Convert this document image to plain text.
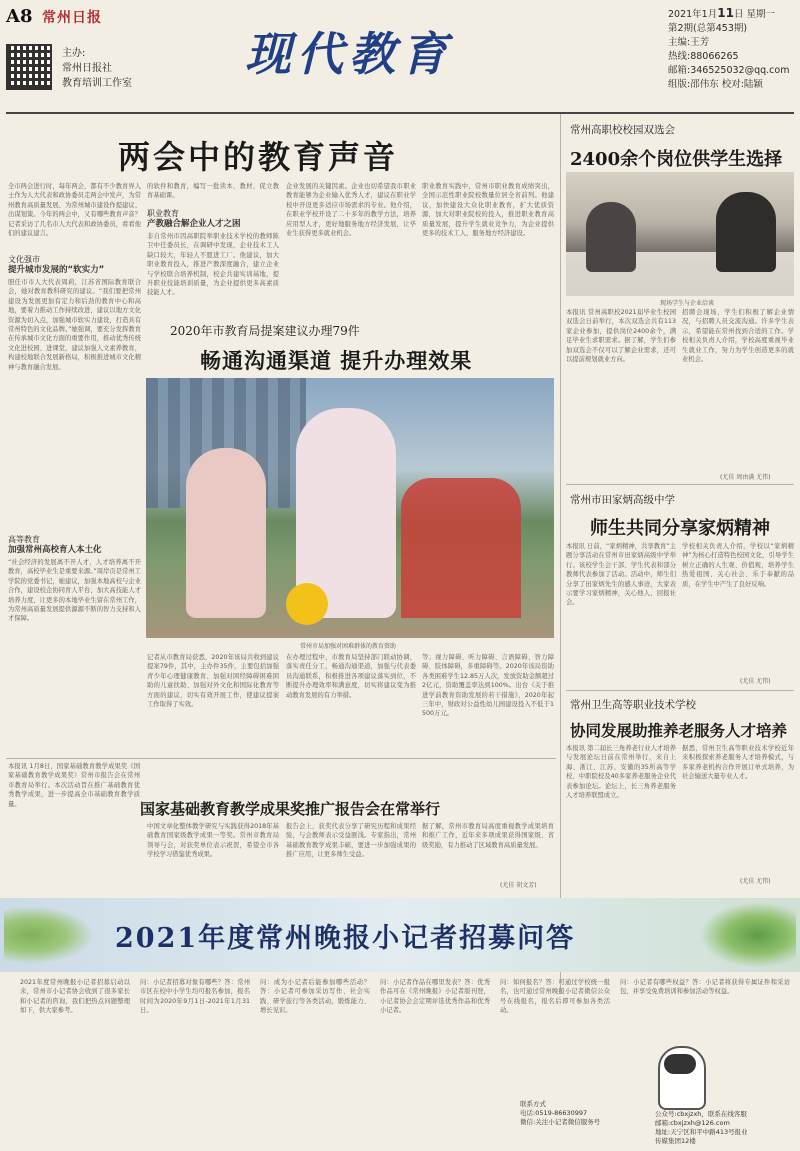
A8 常州日报
主办:
常州日报社
教育培训工作室
现代教育
2021年1月11日 星期一
第2期(总第453期)
主编:王芳
热线:88066265
邮箱:346525032@qq.com
组版:邵伟东 校对:陆颖
两会中的教育声音
全市两会进行时，每年两会，都有不少教育界人士作为人大代表和政协委员走两会中发声，为常州教育高质量发展、为常州城市建设作提建议、出谋划策。今年的两会中，又有哪些教育声音？记者采访了几名市人大代表和政协委员，看看他们的建议建言。
文化强市
提升城市发展的“软实力”
胆任市市人大代表周莉，江苏省国际教育联合会，她对教育教科研究的建议。“我们要把常州建设为发展更加有定力和后劲的教育中心和高地，要着力推动工作持续改进，建议以地方文化资源为切入点，加强城市软实力建设，打造具有常州特色的文化品牌。”她强调，要充分发挥教育在传承城市文化方面的重要作用，推动优秀传统文化进校园、进课堂，建议加强人文素养教育，构建校地联合发展新格局，积极推进城市文化精神与教育融合发展。
高等教育
加强常州高校育人本土化
“社会经济的发展离不开人才，人才培养离不开教育，高校毕业生是重要来源。”周岸贡是常州工学院的党委书记，她建议，加强本地高校与企业合作，建设校企协同育人平台，加大高技能人才培养力度，让更多的本地毕业生留在常州工作，为常州高质量发展提供源源不断的智力支持和人才保障。
的软件和教育，编写一批读本、教材，促立教育基础课。
职业教育
产教融合解企业人才之困
非自常州市因高职院举职业技术学校的教师陈卫中任委员长，在调研中发现，企业技术工人缺口较大，年轻人不愿进工厂。他建议，加大职业教育投入，推进产教深度融合，建立企业与学校联合培养机制，校企共建实训基地，提升职业技能培训质量，为企业提供更多高素质技能人才。
企业发展的关键因素。企业也切希望我市职业教育能够为企业输入优秀人才，建议在职业学校中开设更多适应市场需求的专业。他介绍，在职业学校开设了二十多年的教学方法，培养应用型人才，更好地服务地方经济发展，让毕业生获得更多就业机会。
职业教育实践中，常州市职业教育成绩突出，全国示范性职业院校数量位居全省前列。他建议，加快建设大众化职业教育，扩大优质资源，加大对职业院校的投入，推进职业教育高质量发展，提升学生就业竞争力，为企业提供更多的技术工人，服务地方经济建设。
2020年市教育局提案建议办理79件
畅通沟通渠道 提升办理效果
常州市局加强对困难群体的教育资助
记者从市教育局获悉，2020年该局共收到建议提案79件，其中，主办件35件，主要包括加强青少年心理健康教育、加强对困经障碍困难困助的儿童扶助、加强对外文化和国际化教育等方面的建议，切实有效开展工作，使建议提案工作取得了实效。
在办理过程中，市教育局坚持部门联动协调，落实责任分工，畅通沟通渠道，加强与代表委员沟通联系，积极推进各项建议落实到位，不断提升办理效率和满意度，切实将建议变为推动教育发展的有力举措。
等；视力障碍、听力障碍、言语障碍、智力障碍、肢体障碍，多重障碍等。2020年该局资助各类困难学生12.85万人次，发放资助金额超过2亿元，资助覆盖率达到100%。出台《关于推进学前教育资助发展的若干措施》，2020年起三年中，财政对公益性幼儿园建设投入不低于1500万元。
常州高职校校园双选会
2400余个岗位供学生选择
现场学生与企业洽谈
本报讯 常州高职校2021届毕业生校园双选会日前举行，本次双选会共有113家企业参加，提供岗位2400余个，满足毕业生求职需求。据了解，学生们参加双选会不仅可以了解企业需求，还可以提前规划就业方向。
招聘会现场，学生们积极了解企业情况，与招聘人员交流沟通。许多学生表示，希望能在常州找到合适的工作。学校相关负责人介绍，学校高度重视毕业生就业工作，努力为学生创造更多的就业机会。
(尤佳 周由满 尤伟)
常州市田家炳高级中学
师生共同分享家炳精神
本报讯 日前，“家炳精神，共享教育”主题分享活动在常州市田家炳高级中学举行。该校学生会干部、学生代表和部分教师代表参加了活动。活动中，师生们分享了田家炳先生的感人事迹，大家表示要学习家炳精神，关心他人，回报社会。
学校相关负责人介绍，学校以“家炳精神”为核心打造特色校园文化，引导学生树立正确的人生观、价值观，培养学生热爱祖国、关心社会、乐于奉献的品质，在学生中产生了良好反响。
(尤佳 尤伟)
常州卫生高等职业技术学校
协同发展助推养老服务人才培养
本报讯 第二届长三角养老行业人才培养与发展论坛日前在常州举行，来自上海、浙江、江苏、安徽的35所高等学校、中职院校及40多家养老服务企业代表参加论坛。论坛上，长三角养老服务人才培养联盟成立。
据悉，常州卫生高等职业技术学校近年来积极探索养老服务人才培养模式，与多家养老机构合作开展订单式培养，为社会输送大量专业人才。
(尤佳 尤伟)
本报讯 1月8日，国家基础教育教学成果奖《国家基础教育教学成果奖）常州市报告会在常州市教育局举行。本次活动旨在推广基础教育优秀教学成果，进一步提高全市基础教育教学质量。	国家基础教育教学成果奖推广报告会在常举行
中国文章化整体教学研究与实践获得2018年基础教育国家级教学成果一等奖。常州市教育局领导与会，对获奖单位表示祝贺，希望全市各学校学习借鉴优秀成果。
报告会上，获奖代表分享了研究历程和成果经验，与会教师表示受益匪浅。专家指出，常州基础教育教学成果丰硕，要进一步加强成果的推广应用，让更多师生受益。
据了解，常州市教育局高度重视教学成果培育和推广工作，近年来多项成果获得国家级、省级奖励，有力推动了区域教育高质量发展。
(尤佳 胡文芳)
2021年度常州晚报小记者招募问答
2021年度常州晚报小记者招募启动以来，常州市小记者协会收到了很多家长和小记者的咨询，我们把热点问题整理如下，供大家参考。
问：小记者招募对象有哪些？答：常州市区在校中小学生均可报名参加，报名时间为2020年9月1日-2021年1月31日。
问：成为小记者后能参加哪些活动？答：小记者可参加采访写作、社会实践、研学旅行等各类活动，锻炼能力、增长见识。
问：小记者作品在哪里发表？答：优秀作品可在《常州晚报》小记者版刊登，小记者协会会定期评选优秀作品和优秀小记者。
问：如何报名？答：可通过学校统一报名，也可通过常州晚报小记者微信公众号在线报名，报名后即可参加各类活动。
问：小记者有哪些权益？答：小记者将获得专属证件和采访包，并享受免费培训和参加活动等权益。
联系方式
电话:0519-86630997
微信:关注小记者微信服务号
公众号:cbxjzxh，联系在线客服
邮箱:cbxjzxh@126.com
地址:天宁区和平中路413号报业
传媒集团12楼
